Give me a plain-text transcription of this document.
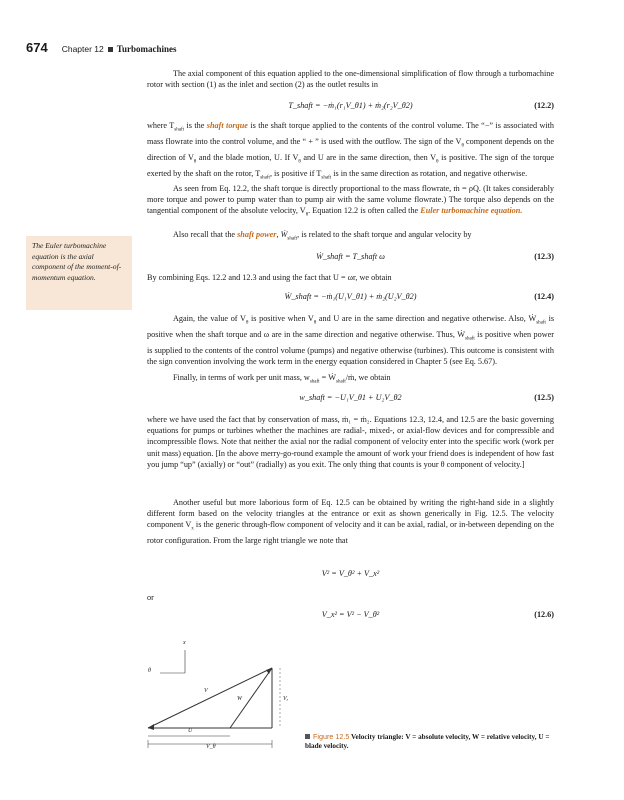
674 Chapter 12 Turbomachines

The axial component of this equation applied to the one-dimensional simplification of flow through a turbomachine rotor with section (1) as the inlet and section (2) as the outlet results in

T_shaft = −ṁ₁(r₁V_θ1) + ṁ₂(r₂V_θ2)	(12.2)

where $T_{shaft}$ is the shaft torque is the shaft torque applied to the contents of the control volume. The “−” is associated with mass flowrate into the control volume, and the “ + ” is used with the outflow. The sign of the $V_\theta$ component depends on the direction of $V_\theta$ and the blade motion, U. If $V_\theta$ and U are in the same direction, then $V_\theta$ is positive. The sign of the torque exerted by the shaft on the rotor, $T_{shaft}$, is positive if $T_{shaft}$ is in the same direction as rotation, and negative otherwise.

As seen from Eq. 12.2, the shaft torque is directly proportional to the mass flowrate, ṁ = ρQ. (It takes considerably more torque and power to pump water than to pump air with the same volume flowrate.) The torque also depends on the tangential component of the absolute velocity, $V_\theta$. Equation 12.2 is often called the Euler turbomachine equation.

Also recall that the shaft power, Ẇ$_{shaft}$, is related to the shaft torque and angular velocity by

The Euler turbomachine equation is the axial component of the moment-of-momentum equation.
Ẇ_shaft = T_shaft ω	(12.3)

By combining Eqs. 12.2 and 12.3 and using the fact that U = ωr, we obtain

Ẇ_shaft = −ṁ₁(U₁V_θ1) + ṁ₂(U₂V_θ2)	(12.4)

Again, the value of $V_\theta$ is positive when $V_\theta$ and U are in the same direction and negative otherwise. Also, Ẇ$_{shaft}$ is positive when the shaft torque and ω are in the same direction and negative otherwise. Thus, Ẇ$_{shaft}$ is positive when power is supplied to the contents of the control volume (pumps) and negative otherwise (turbines). This outcome is consistent with the sign convention involving the work term in the energy equation considered in Chapter 5 (see Eq. 5.67).

Finally, in terms of work per unit mass, $w_{shaft}$ = Ẇ$_{shaft}$/ṁ, we obtain

w_shaft = −U₁V_θ1 + U₂V_θ2	(12.5)

where we have used the fact that by conservation of mass, ṁ₁ = ṁ₂. Equations 12.3, 12.4, and 12.5 are the basic governing equations for pumps or turbines whether the machines are radial-, mixed-, or axial-flow devices and for compressible and incompressible flows. Note that neither the axial nor the radial component of velocity enter into the specific work (work per unit mass) equation. [In the above merry-go-round example the amount of work your friend does is independent of how fast you jump “up” (axially) or “out” (radially) as you exit. The only thing that counts is your θ component of velocity.]

Another useful but more laborious form of Eq. 12.5 can be obtained by writing the right-hand side in a slightly different form based on the velocity triangles at the entrance or exit as shown generically in Fig. 12.5. The velocity component $V_x$ is the generic through-flow component of velocity and it can be axial, radial, or in-between depending on the rotor configuration. From the large right triangle we note that

V² = V_θ² + V_x²
or
V_x² = V² − V_θ²	(12.6)
x
θ
V
W	Vₓ
U
V_θ
Figure 12.5 Velocity triangle: V = absolute velocity, W = relative velocity, U = blade velocity.
